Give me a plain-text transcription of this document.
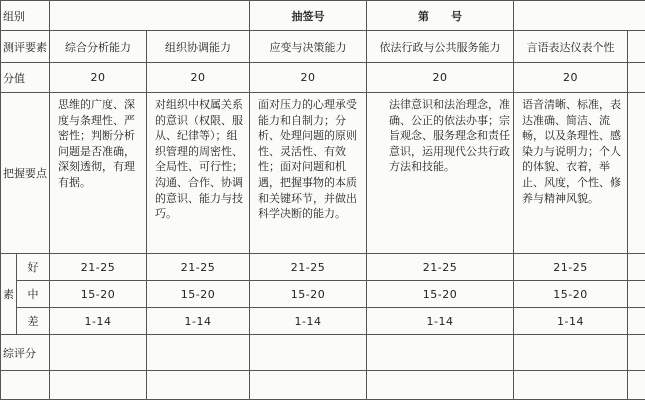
组别				抽签号	第　　号		
测评要素		综合分析能力	组织协调能力	应变与决策能力	依法行政与公共服务能力	言语表达仪表个性	
分值		20	20	20	20	20	
把握要点		思维的广度、深度与条理性、严密性；判断分析问题是否准确，深刻透彻，有理有据。	对组织中权属关系的意识（权限、服从、纪律等）；组织管理的周密性、全局性、可行性；沟通、合作、协调的意识、能力与技巧。	面对压力的心理承受能力和自制力；分析、处理问题的原则性、灵活性、有效性；面对问题和机遇，把握事物的本质和关键环节，并做出科学决断的能力。	法律意识和法治理念，准确、公正的依法办事；宗旨观念、服务理念和责任意识，运用现代公共行政方法和技能。	语音清晰、标准，表达准确、简洁、流畅，以及条理性、感染力与说明力；个人的体貌、衣着，举止、风度，个性、修养与精神风貌。	
素	好	21-25	21-25	21-25	21-25	21-25	
	中	15-20	15-20	15-20	15-20	15-20	
	差	1-14	1-14	1-14	1-14	1-14	
综评分							
